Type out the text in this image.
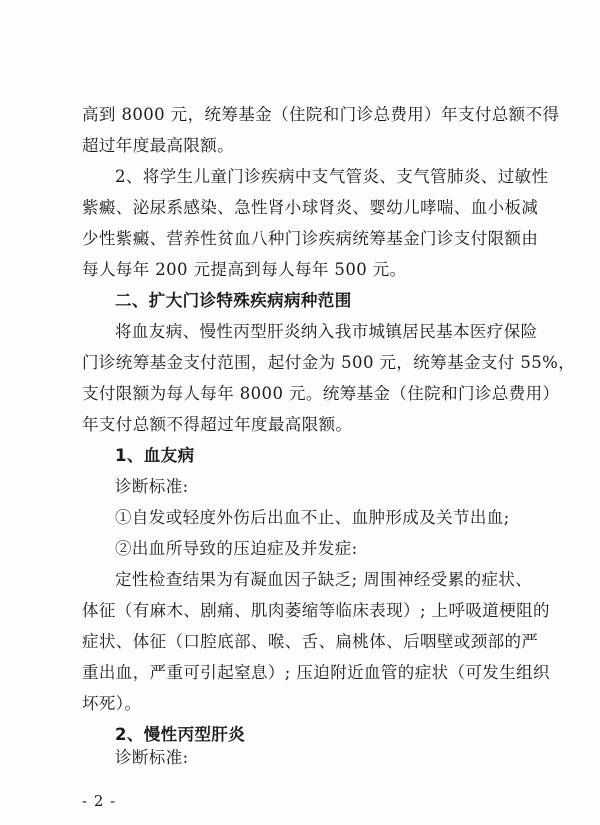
高到 8000 元，统筹基金（住院和门诊总费用）年支付总额不得
超过年度最高限额。
2、将学生儿童门诊疾病中支气管炎、支气管肺炎、过敏性
紫癜、泌尿系感染、急性肾小球肾炎、婴幼儿哮喘、血小板减
少性紫癜、营养性贫血八种门诊疾病统筹基金门诊支付限额由
每人每年 200 元提高到每人每年 500 元。
二、扩大门诊特殊疾病病种范围
将血友病、慢性丙型肝炎纳入我市城镇居民基本医疗保险
门诊统筹基金支付范围，起付金为 500 元，统筹基金支付 55%，
支付限额为每人每年 8000 元。统筹基金（住院和门诊总费用）
年支付总额不得超过年度最高限额。
1、血友病
诊断标准:
①自发或轻度外伤后出血不止、血肿形成及关节出血;
②出血所导致的压迫症及并发症:
定性检查结果为有凝血因子缺乏; 周围神经受累的症状、
体征（有麻木、剧痛、肌肉萎缩等临床表现）; 上呼吸道梗阻的
症状、体征（口腔底部、喉、舌、扁桃体、后咽壁或颈部的严
重出血，严重可引起窒息）; 压迫附近血管的症状（可发生组织
坏死）。
2、慢性丙型肝炎
诊断标准:
- 2 -
